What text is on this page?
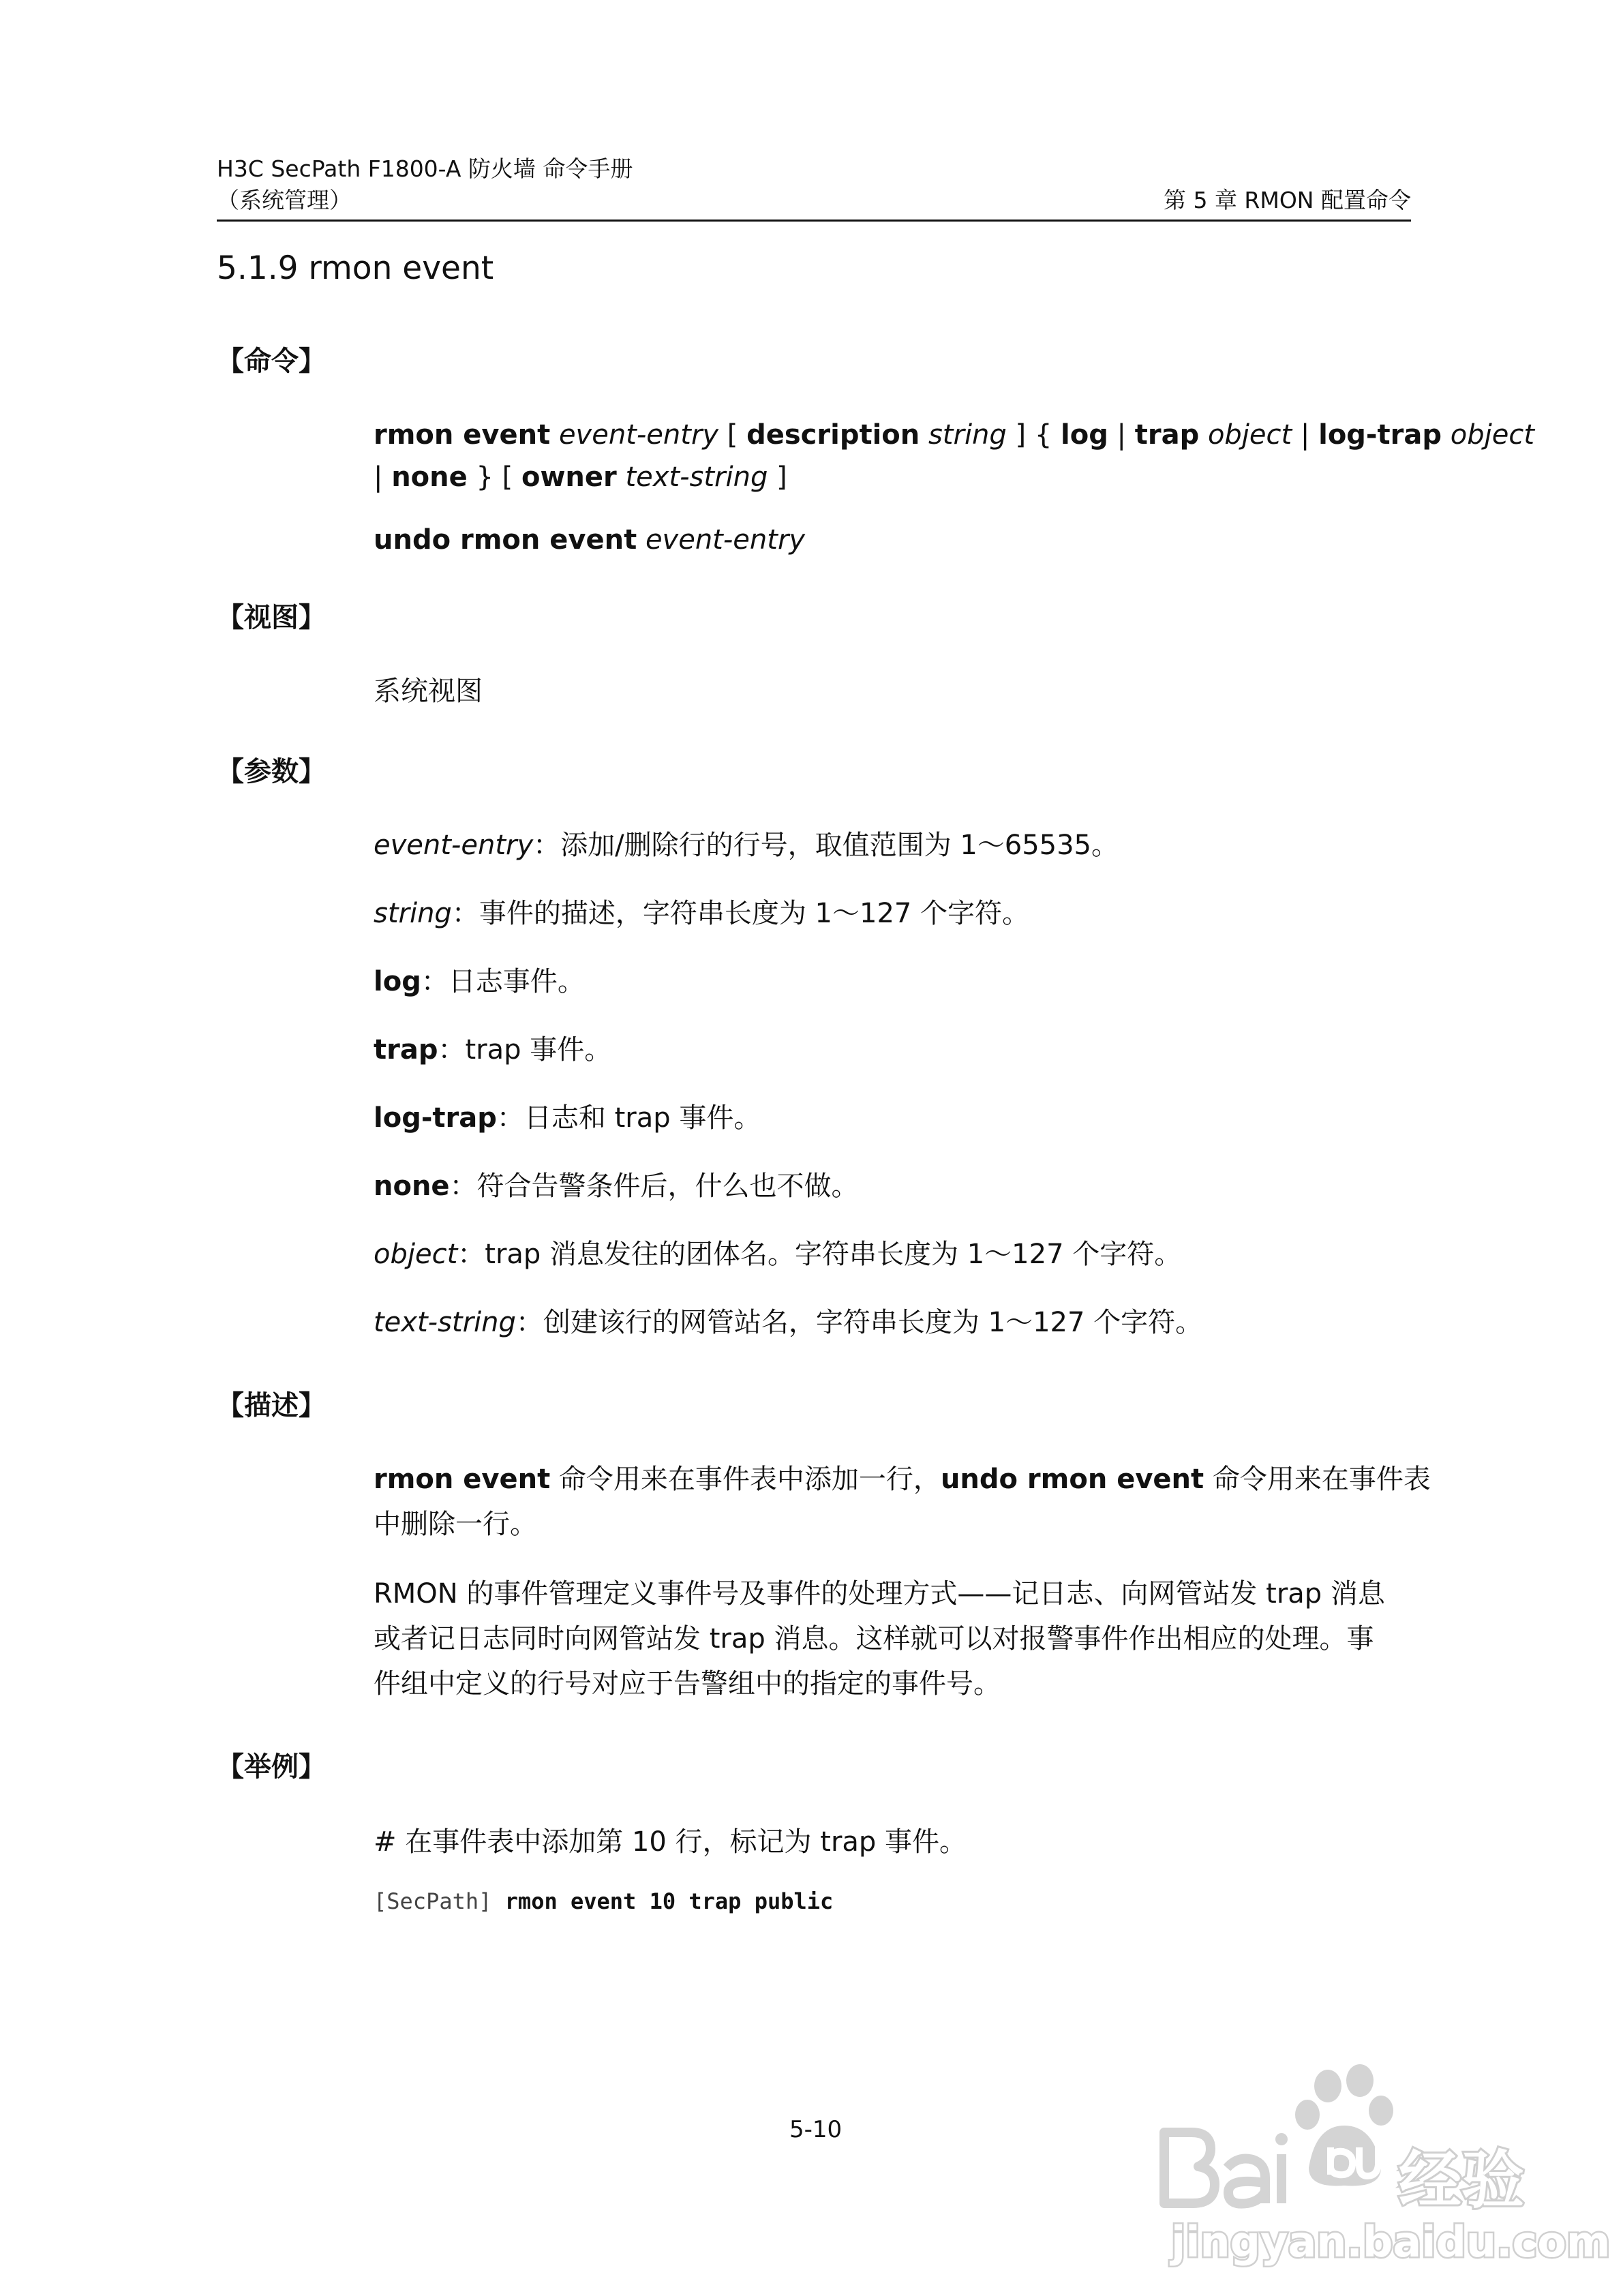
H3C SecPath F1800-A 防火墙 命令手册
（系统管理）	第 5 章 RMON 配置命令
5.1.9 rmon event
【命令】
rmon event event-entry [ description string ] { log | trap object | log-trap object
| none } [ owner text-string ]
undo rmon event event-entry
【视图】
系统视图
【参数】
event-entry：添加/删除行的行号，取值范围为 1～65535。
string：事件的描述，字符串长度为 1～127 个字符。
log：日志事件。
trap：trap 事件。
log-trap：日志和 trap 事件。
none：符合告警条件后，什么也不做。
object：trap 消息发往的团体名。字符串长度为 1～127 个字符。
text-string：创建该行的网管站名，字符串长度为 1～127 个字符。
【描述】
rmon event 命令用来在事件表中添加一行，undo rmon event 命令用来在事件表
中删除一行。
RMON 的事件管理定义事件号及事件的处理方式——记日志、向网管站发 trap 消息
或者记日志同时向网管站发 trap 消息。这样就可以对报警事件作出相应的处理。事
件组中定义的行号对应于告警组中的指定的事件号。
【举例】
# 在事件表中添加第 10 行，标记为 trap 事件。
[SecPath] rmon event 10 trap public
5-10
经验
jingyan.baidu.com
